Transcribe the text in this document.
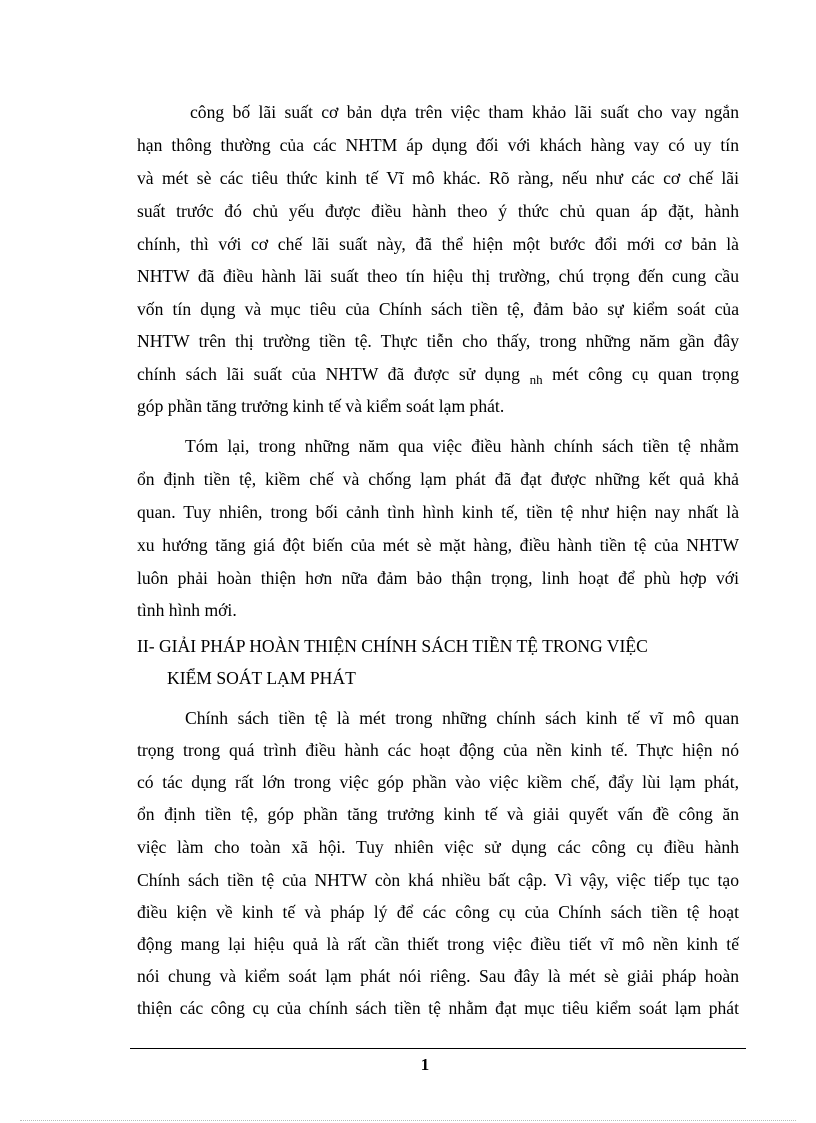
công bố lãi suất cơ bản dựa trên việc tham khảo lãi suất cho vay ngắn
hạn thông thường của các NHTM áp dụng đối với khách hàng vay có uy tín
và mét sè các tiêu thức kinh tế Vĩ mô khác. Rõ ràng, nếu như các cơ chế lãi
suất trước đó chủ yếu được điều hành theo ý thức chủ quan áp đặt, hành
chính, thì với cơ chế lãi suất này, đã thể hiện một bước đổi mới cơ bản là
NHTW đã điều hành lãi suất theo tín hiệu thị trường, chú trọng đến cung cầu
vốn tín dụng và mục tiêu của Chính sách tiền tệ, đảm bảo sự kiểm soát của
NHTW trên thị trường tiền tệ. Thực tiễn cho thấy, trong những năm gần đây
chính sách lãi suất của NHTW đã được sử dụng $_{nh}$ mét công cụ quan trọng
góp phần tăng trưởng kinh tế và kiểm soát lạm phát.
Tóm lại, trong những năm qua việc điều hành chính sách tiền tệ nhằm
ổn định tiền tệ, kiềm chế và chống lạm phát đã đạt được những kết quả khả
quan. Tuy nhiên, trong bối cảnh tình hình kinh tế, tiền tệ như hiện nay nhất là
xu hướng tăng giá đột biến của mét sè mặt hàng, điều hành tiền tệ của NHTW
luôn phải hoàn thiện hơn nữa đảm bảo thận trọng, linh hoạt để phù hợp với
tình hình mới.
II- GIẢI PHÁP HOÀN THIỆN CHÍNH SÁCH TIỀN TỆ TRONG VIỆC
KIỂM SOÁT LẠM PHÁT
Chính sách tiền tệ là mét trong những chính sách kinh tế vĩ mô quan
trọng trong quá trình điều hành các hoạt động của nền kinh tế. Thực hiện nó
có tác dụng rất lớn trong việc góp phần vào việc kiềm chế, đẩy lùi lạm phát,
ổn định tiền tệ, góp phần tăng trưởng kinh tế và giải quyết vấn đề công ăn
việc làm cho toàn xã hội. Tuy nhiên việc sử dụng các công cụ điều hành
Chính sách tiền tệ của NHTW còn khá nhiều bất cập. Vì vậy, việc tiếp tục tạo
điều kiện về kinh tế và pháp lý để các công cụ của Chính sách tiền tệ hoạt
động mang lại hiệu quả là rất cần thiết trong việc điều tiết vĩ mô nền kinh tế
nói chung và kiểm soát lạm phát nói riêng. Sau đây là mét sè giải pháp hoàn
thiện các công cụ của chính sách tiền tệ nhằm đạt mục tiêu kiểm soát lạm phát
1
